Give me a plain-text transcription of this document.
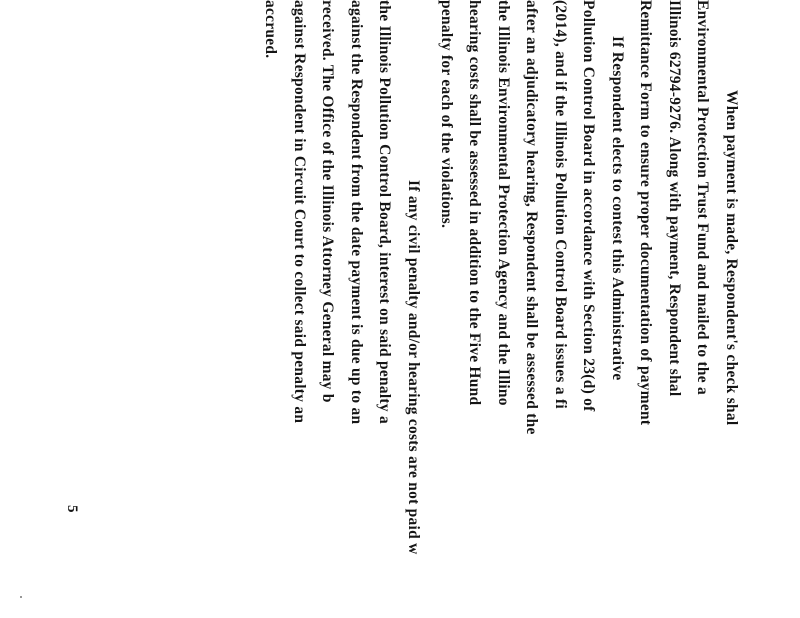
When payment is made, Respondent's check shal
Environmental Protection Trust Fund and mailed to the a
Illinois 62794-9276. Along with payment, Respondent shal
Remittance Form to ensure proper documentation of payment
If Respondent elects to contest this Administrative
Pollution Control Board in accordance with Section 23(d) of
(2014), and if the Illinois Pollution Control Board issues a fi
after an adjudicatory hearing, Respondent shall be assessed the
the Illinois Environmental Protection Agency and the Illino
hearing costs shall be assessed in addition to the Five Hund
penalty for each of the violations.
If any civil penalty and/or hearing costs are not paid w
the Illinois Pollution Control Board, interest on said penalty a
against the Respondent from the date payment is due up to an
received. The Office of the Illinois Attorney General may b
against Respondent in Circuit Court to collect said penalty an
accrued.
5
